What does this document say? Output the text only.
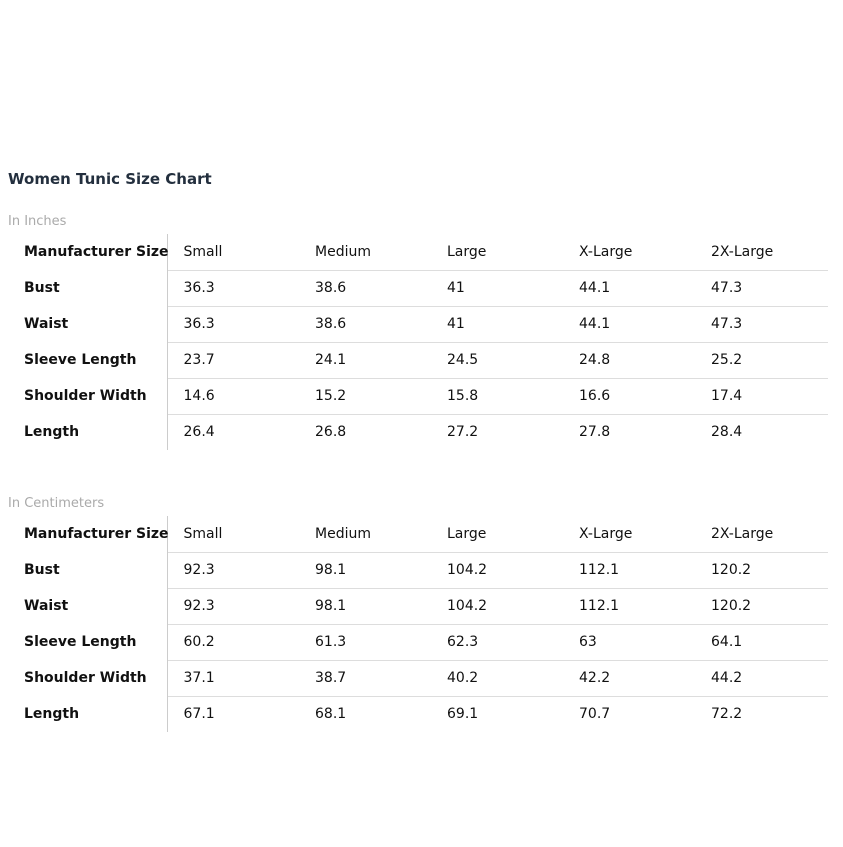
Women Tunic Size Chart
In Inches
Manufacturer Size	Small	Medium	Large	X-Large	2X-Large
Bust	36.3	38.6	41	44.1	47.3
Waist	36.3	38.6	41	44.1	47.3
Sleeve Length	23.7	24.1	24.5	24.8	25.2
Shoulder Width	14.6	15.2	15.8	16.6	17.4
Length	26.4	26.8	27.2	27.8	28.4
In Centimeters
Manufacturer Size	Small	Medium	Large	X-Large	2X-Large
Bust	92.3	98.1	104.2	112.1	120.2
Waist	92.3	98.1	104.2	112.1	120.2
Sleeve Length	60.2	61.3	62.3	63	64.1
Shoulder Width	37.1	38.7	40.2	42.2	44.2
Length	67.1	68.1	69.1	70.7	72.2
